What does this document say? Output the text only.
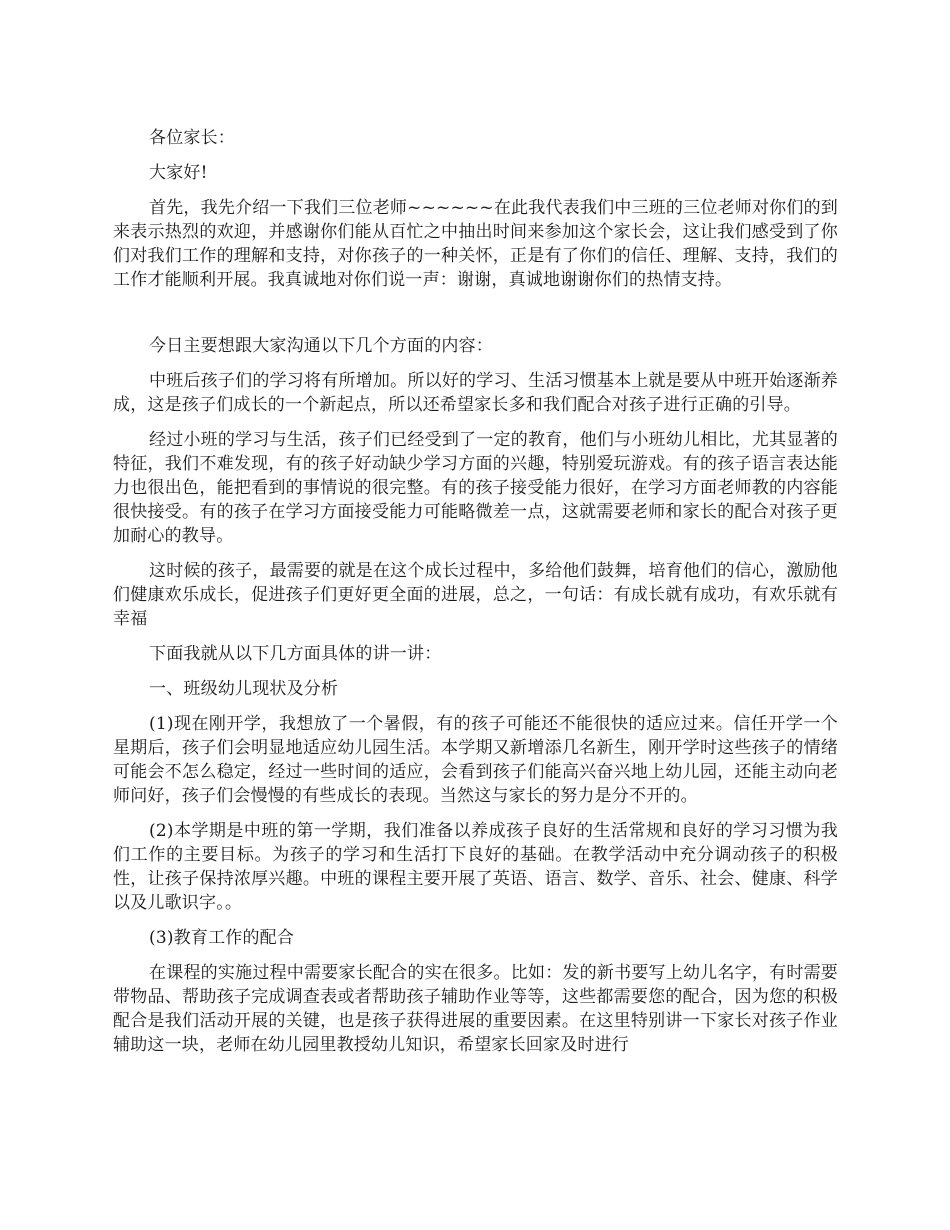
各位家长：

大家好!

首先，我先介绍一下我们三位老师~~~~~~在此我代表我们中三班的三位老师对你们的到来表示热烈的欢迎，并感谢你们能从百忙之中抽出时间来参加这个家长会，这让我们感受到了你们对我们工作的理解和支持，对你孩子的一种关怀，正是有了你们的信任、理解、支持，我们的工作才能顺利开展。我真诚地对你们说一声：谢谢，真诚地谢谢你们的热情支持。

今日主要想跟大家沟通以下几个方面的内容：

中班后孩子们的学习将有所增加。所以好的学习、生活习惯基本上就是要从中班开始逐渐养成，这是孩子们成长的一个新起点，所以还希望家长多和我们配合对孩子进行正确的引导。

经过小班的学习与生活，孩子们已经受到了一定的教育，他们与小班幼儿相比，尤其显著的特征，我们不难发现，有的孩子好动缺少学习方面的兴趣，特别爱玩游戏。有的孩子语言表达能力也很出色，能把看到的事情说的很完整。有的孩子接受能力很好，在学习方面老师教的内容能很快接受。有的孩子在学习方面接受能力可能略微差一点，这就需要老师和家长的配合对孩子更加耐心的教导。

这时候的孩子，最需要的就是在这个成长过程中，多给他们鼓舞，培育他们的信心，激励他们健康欢乐成长，促进孩子们更好更全面的进展，总之，一句话：有成长就有成功，有欢乐就有幸福

下面我就从以下几方面具体的讲一讲：

一、班级幼儿现状及分析

(1)现在刚开学，我想放了一个暑假，有的孩子可能还不能很快的适应过来。信任开学一个星期后，孩子们会明显地适应幼儿园生活。本学期又新增添几名新生，刚开学时这些孩子的情绪可能会不怎么稳定，经过一些时间的适应，会看到孩子们能高兴奋兴地上幼儿园，还能主动向老师问好，孩子们会慢慢的有些成长的表现。当然这与家长的努力是分不开的。

(2)本学期是中班的第一学期，我们准备以养成孩子良好的生活常规和良好的学习习惯为我们工作的主要目标。为孩子的学习和生活打下良好的基础。在教学活动中充分调动孩子的积极性，让孩子保持浓厚兴趣。中班的课程主要开展了英语、语言、数学、音乐、社会、健康、科学以及儿歌识字。。

(3)教育工作的配合

在课程的实施过程中需要家长配合的实在很多。比如：发的新书要写上幼儿名字，有时需要带物品、帮助孩子完成调查表或者帮助孩子辅助作业等等，这些都需要您的配合，因为您的积极配合是我们活动开展的关键，也是孩子获得进展的重要因素。在这里特别讲一下家长对孩子作业辅助这一块，老师在幼儿园里教授幼儿知识，希望家长回家及时进行
